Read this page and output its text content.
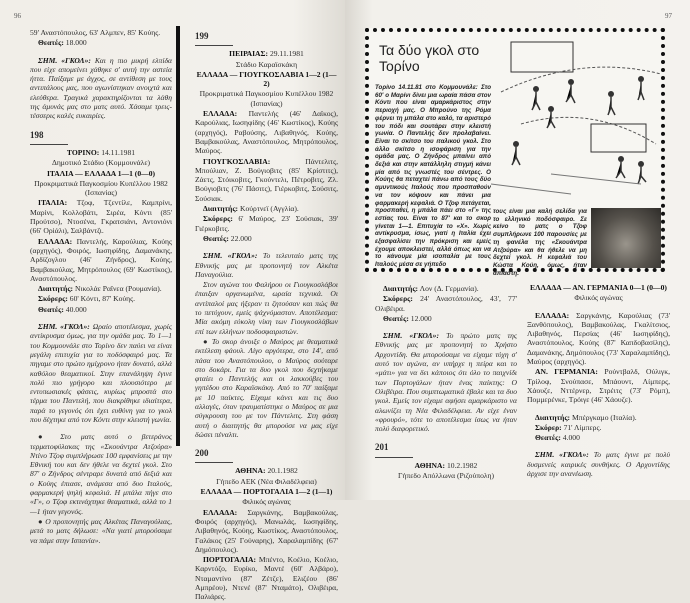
96

59' Αναστόπουλος, 63' Αλμπεν, 85' Κούης.

Θεατές: 18.000

ΣΗΜ. «ΓΚΟΛ»: Και η πιο μικρή ελπίδα που είχε απομείνει χάθηκε σ' αυτή την αστεία ήττα. Παίξαμε με άγχος, σε αντίθεση με τους αντιπάλους μας, που αγωνίστηκαν ανοιχτά και ελεύθερα. Τραγικά χαρακτηρίζονται τα λάθη της άμυνάς μας στο ματς αυτό. Χάσαμε τρεις-τέσσερις καλές ευκαιρίες.

198

ΤΟΡΙΝΟ: 14.11.1981

Δημοτικό Στάδιο (Κομμουνάλε)

ΙΤΑΛΙΑ — ΕΛΛΑΔΑ 1—1 (0—0)

Προκριματικά Παγκοσμίου Κυπέλλου 1982 (Ισπανίας)

ΙΤΑΛΙΑ: Τζοφ, Τζεντίλε, Καμπρίνι, Μαρίνι, Κολλοβάτι, Σιρέα, Κόντι (85' Προύτσο), Ντοσένα, Γκρατσιάνι, Αντονιόνι (66' Ορiάλι), Σαλβάντζι.

ΕΛΛΑΔΑ: Παντελής, Καρούλιας, Κούης (αρχηγός), Φοιρός, Ιωσηφίδης, Δαμανάκης, Αρδίζογλου (46' Ζήνδρος), Κούης, Βαμβακούλας, Μητρόπουλος (69' Κωστίκος), Αναστόπουλος.

Διαιτητής: Νικολάε Ραΐνεα (Ρουμανία).

Σκόρερς: 60' Κόντι, 87' Κούης.

Θεατές: 40.000

ΣΗΜ. «ΓΚΟΛ»: Ωραίο αποτέλεσμα, χωρίς αντίκρυσμα όμως, για την ομάδα μας. Το 1—1 του Κομμουνάλε στο Τορίνο δεν παύει να είναι μεγάλη επιτυχία για το ποδόσφαιρό μας. Τα πηγαμε στο πρώτο ημίχρονο ήταν δυνατό, αλλά καθόλου θεαματικοί. Στην επανάληψη έγινε πολύ πιο γρήγορο και πλουσιότερο με εντυπωσιακές φάσεις, κυρίως μπροστά στο τέρμα του Παντελή, που διακρίθηκε ιδιαίτερα, παρά το γεγονός ότι έχει ευθύνη για το γκολ που δέχτηκε από τον Κόντι στην κλειστή γωνία.

● Στο ματς αυτό ο βετεράνος τερματοφύλακας της «Σκουάντρα Ατζούρα» Ντίνο Τζοφ συμπλήρωσε 100 εμφανίσεις με την Εθνική του και δεν ήθελε να δεχτεί γκολ. Στο 87' ο Ζήνδρος σέντραρε δυνατά από δεξιά και ο Κούης έπιασε, ανάμεσα από δυο Ιταλούς, φαρμακερή ψηλή κεφαλιά. Η μπάλα πήγε στο «Γ», ο Τζοφ εκτινάχτηκε θεαματικά, αλλά το 1—1 ήταν γεγονός.

● Ο προπονητής μας Αλκέτας Παναγούλιας, μετά το ματς δήλωσε: «Να γιατί μπορούσαμε να πάμε στην Ισπανία».

199

ΠΕΙΡΑΙΑΣ: 29.11.1981

Στάδιο Καραϊσκάκη

ΕΛΛΑΔΑ — ΓΙΟΥΓΚΟΣΛΑΒΙΑ 1—2 (1—2)

Προκριματικά Παγκοσμίου Κυπέλλου 1982 (Ισπανίας)

ΕΛΛΑΔΑ: Παντελής (46' Δαϊκος), Καρούλιας, Ιωσηφίδης (46' Κωστίκος), Κούης (αρχηγός), Ραβούσης, Λιβαθηνός, Κούης, Βαμβακούλας, Αναστόπουλος, Μητρόπουλος, Μαύρος.

ΓΙΟΥΓΚΟΣΛΑΒΙΑ:	Πάντελιτς, Μπούλιαν, Ζ. Βούγιοβιτς (85' Κρίστιτς), Ζάετς, Στόικοβιτς, Γκούντελι, Πέτροβιτς, Ζλ. Βούγιοβιτς (76' Πάσιτς), Γιέρκοβιτς, Σούσιτς, Σούσιακ.

Διαιτητής: Κούρτνεϊ (Αγγλία).

Σκόρερς: 6' Μαύρος, 23' Σούσιακ, 39' Γιέρκοβιτς.

Θεατές: 22.000

ΣΗΜ. «ΓΚΟΛ»: Το τελευταίο ματς της Εθνικής μας με προπονητή τον Αλκέτα Παναγούλια.

Στον αγώνα του Φαλήρου οι Γιουγκοσλάβοι έπαιξαν οργανωμένα, ωραία τεχνικά. Οι αντίπαλοί μας ήξεραν τι ζητούσαν και πώς θα το πετύχουν, εμείς ψάχνόμασταν. Αποτέλεσμα: Μία ακόμη εύκολη νίκη των Γιουγκοσλάβων επί των ελλήνων ποδοσφαιριστών.

● Το σκορ άνοιξε ο Μαύρος με θεαματικά εκτέλεση φάουλ. Λίγο αργότερα, στο 14', από πάσα του Αναστόπουλου, ο Μαύρος σούταρε στο δοκάρι. Για τα δυο γκολ που δεχτήκαμε φταίει ο Παντελής και οι λακκούβες του γηπέδου στο Καραϊσκάκη. Από το 70' παίξαμε με 10 παίκτες. Είχαμε κάνει και τις δυο αλλαγές, όταν τραυματίστηκε ο Μαύρος σε μια σύγκρουση του με τον Πάντελιτς. Στη φάση αυτή ο διαιτητής θα μπορούσε να μας είχε δώσει πέναλτι.

200

ΑΘΗΝΑ: 20.1.1982

Γήπεδο ΑΕΚ (Νέα Φιλαδέλφεια)

ΕΛΛΑΔΑ — ΠΟΡΤΟΓΑΛΙΑ 1—2 (1—1)

Φιλικός αγώνας

ΕΛΛΑΔΑ: Σαργκάνης, Βαμβακούλας, Φοιρός (αρχηγός), Μανωλάς, Ιωσηφίδης, Λιβαθηνός, Κούης, Κωστίκος, Αναστόπουλος, Γαλάκος (25' Γούναρης), Χαραλαμπίδης (67' Δημόπουλος).

ΠΟΡΤΟΓΑΛΙΑ: Μπέντο, Κοέλιο, Κοέλιο, Καρντόζο, Ευρίκο, Μαντέ (60' Αλβάρο), Νταμαντίνο (87' Ζέτζε), Ελιζέου (86' Αμπρέου), Ντενέ (87' Νταμάτο), Ολιβέιρα, Παλιάρες.

97
Τα δύο γκολ στο Τορίνο
Τορίνο 14.11.81 στο Κομμουνάλε: Στο 60' ο Μαρίνι δίνει μια ωραία πάσα στον Κόντι που είναι αμαρκάριστος στην περιοχή μας. Ο Μπρούνο της Ρόμα φέρνει τη μπάλα στο καλό, τα αριστερό του πόδι και σουτάρει στην κλειστή γωνία. Ο Παντελής δεν προλαβαίνει. Είναι το σκίτσο του ιταλικού γκολ. Στο άλλο σκίτσο η ισοφάριση για την ομάδα μας. Ο Ζήνδρος μπαίνει από δεξιά και στην κατάλληλη στιγμή κάνει μία από τις γνωστές του σέντρες. Ο Κούης θα πεταχτεί πάνω από τους δύο αμυντικούς Ιταλούς που προσπαθούν να τον κόψουν και πάνει μια φαρμακερή κεφαλιά. Ο Τζοφ πετάγεται, προσπαθεί, η μπάλα πάει στο «Γ» της εστίας του. Είναι το 87' και το σκορ γίνεται 1—1. Επιτυχία το «Χ». Χωρίς αντίκρυσμα, ίσως, γιατί η Ιταλία έχει εξασφαλίσει την πρόκριση και εμείς έχουμε αποκλειστεί, αλλά όπως και να το κάνουμε μία ισοπαλία με τους Ιταλούς μέσα σε γήπεδο
τους είναι μια καλή σελίδα για το ελληνικό ποδόσφαιρο. Σε κείνο το ματς ο Τζοφ συμπλήρωνε 100 παρουσίες με τη φανέλα της «Σκουάντρα Ατζούρα» και θα ήθελε να μη δεχτεί γκολ. Η κεφαλιά του Κώστα Κούη, όμως, ήταν άπιαστη.

Διαιτητής: Λον (Δ. Γερμανία).

Σκόρερς: 24' Αναστόπουλος, 43', 77' Ολιβέιρα.

Θεατές: 12.000

ΣΗΜ. «ΓΚΟΛ»: Το πρώτο ματς της Εθνικής μας με προπονητή το Χρήστο Αρχοντίδη. Θα μπορούσαμε να είχαμε τύχη σ' αυτό τον αγώνα, αν υπήρχε η πείρα και το «μάτι» για να δει κάποιος ότι όλο το παιχνίδι των Πορτογάλων ήταν ένας παίκτης: Ο Ολιβέιρα. Που συμπτωματικά έβαλε και τα δυο γκολ. Εμείς τον είχαμε αφήσει αμαρκάριστο να αλωνίζει τη Νέα Φιλαδέλφεια. Αν είχε έναν «φρουρό», τότε το αποτέλεσμα ίσως να ήταν πολύ διαφορετικό.

201

ΑΘΗΝΑ: 10.2.1982

Γήπεδο Απόλλωνα (Ριζούπολη)

ΕΛΛΑΔΑ — ΑΝ. ΓΕΡΜΑΝΙΑ 0—1 (0—0)

Φιλικός αγώνας

ΕΛΛΑΔΑ: Σαργκάνης, Καρούλιας (73' Ξανθόπουλος), Βαμβακούλας, Γκαλίτσιος, Λιβαθηνός, Περσίας (46' Ιωσηφίδης), Αναστόπουλος, Κούης (87' Καπδοβασίλης), Δαμανάκης, Δημόπουλος (73' Χαραλαμπίδης), Μαύρος (αρχηγός).

ΑΝ. ΓΕΡΜΑΝΙΑ: Ρούντβαλδ, Ούλιγκ, Τρίλοφ, Σνούπασε, Μπάουντ, Λίμπερς, Χάουζε, Νττέρνερ, Στρέιτς (73' Ρόμπ), Πομμερένκε, Τρόιγε (46' Χάουζε).

Διαιτητής: Μπέργκαμο (Ιταλία).

Σκόρερ: 71' Λίμπερς.

Θεατές: 4.000

ΣΗΜ. «ΓΚΟΛ»: Το ματς έγινε με πολύ δυσμενείς καιρικές συνθήκες. Ο Αρχοντίδης άρχισε την ανανέωση.
